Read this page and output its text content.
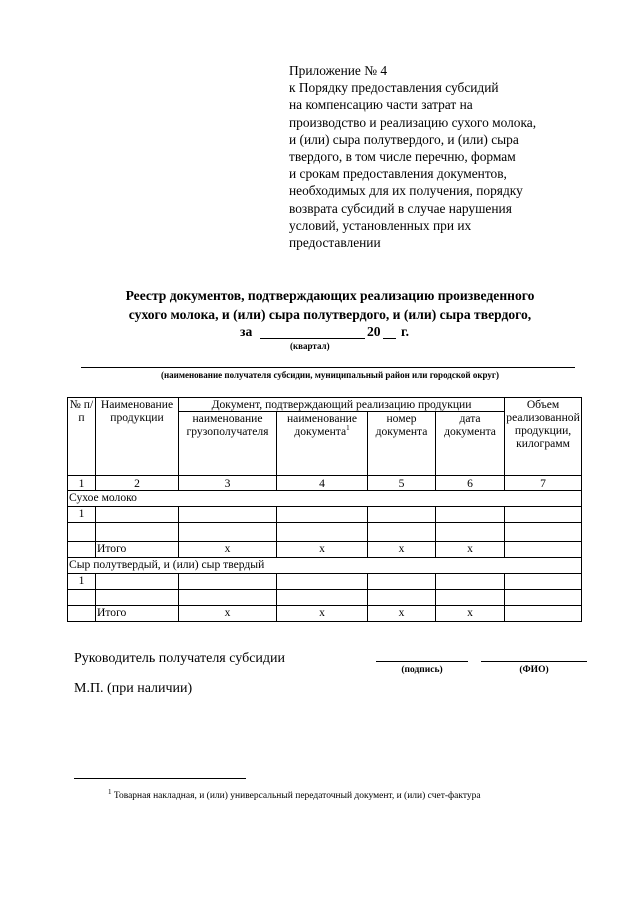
Приложение № 4
к Порядку предоставления субсидий
на компенсацию части затрат на
производство и реализацию сухого молока,
и (или) сыра полутвердого, и (или) сыра
твердого, в том числе перечню, формам
и срокам предоставления документов,
необходимых для их получения, порядку
возврата субсидий в случае нарушения
условий, установленных при их
предоставлении
Реестр документов, подтверждающих реализацию произведенного
сухого молока, и (или) сыра полутвердого, и (или) сыра твердого,
за	20 г.
(квартал)
(наименование получателя субсидии, муниципальный район или городской округ)
№ п/п	Наименование продукции	Документ, подтверждающий реализацию продукции				Объем реализованной продукции, килограмм
		наименование грузополучателя	наименование документа$^1$	номер документа	дата документа	
1	2	3	4	5	6	7
Сухое молоко						
1						

	Итого	x	x	x	x	
Сыр полутвердый, и (или) сыр твердый						
1						

	Итого	x	x	x	x	
Руководитель получателя субсидии
(подпись)	(ФИО)
М.П. (при наличии)
$^1$ Товарная накладная, и (или) универсальный передаточный документ, и (или) счет-фактура
